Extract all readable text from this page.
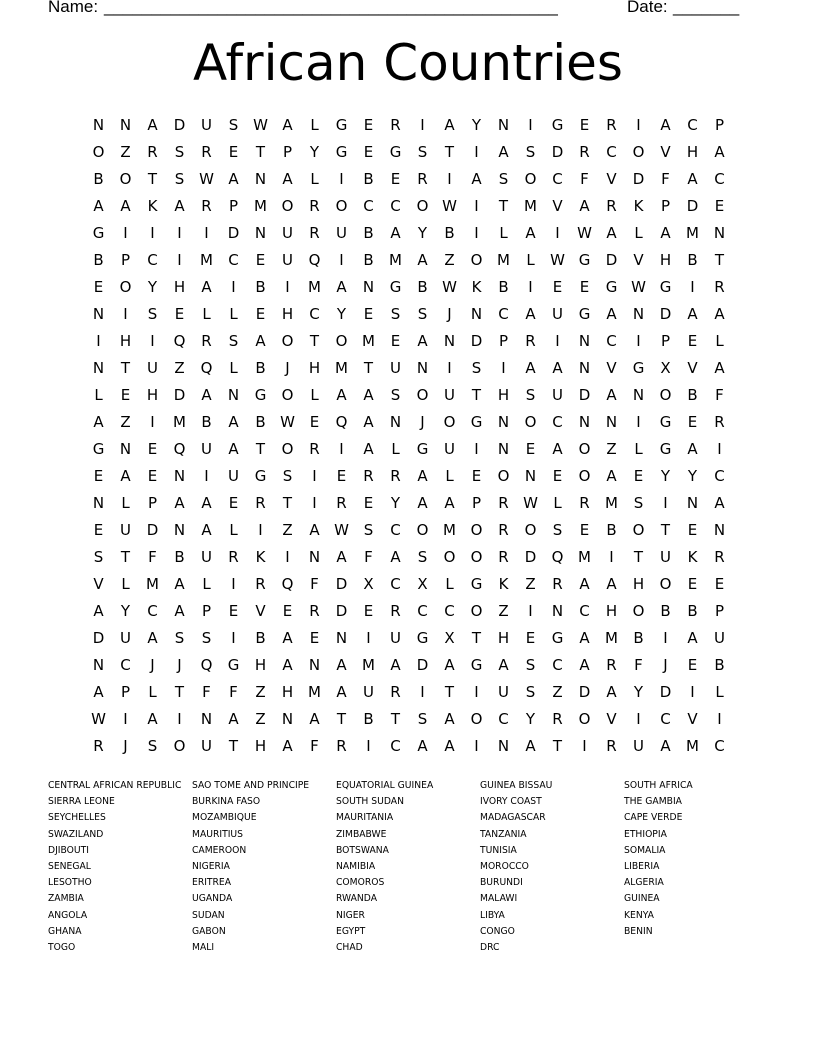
Name: ________________________________________________	Date: _______
African Countries
N	N	A	D	U	S W A	L	G	E	R	I	A	Y	N	I	G	E	R	I	A	C	P
O	Z	R	S	R	E	T	P	Y	G	E	G	S	T	I	A	S	D	R	C	O	V	H	A
B	O	T	S W A	N	A	L	I	B	E	R	I	A	S	O	C	F	V	D	F	A	C
A	A	K	A	R	P	M O	R	O	C	C	O W	I	T	M	V	A	R	K	P	D	E
G	I	I	I	I	D	N	U	R	U	B	A	Y	B	I	L	A	I	W A	L	A	M N
B	P	C	I	M	C	E	U	Q	I	B	M	A	Z	O M	L	W G	D	V	H	B	T
E	O	Y	H	A	I	B	I	M	A	N	G	B W K	B	I	E	E	G W G	I	R
N	I	S	E	L	L	E	H	C	Y	E	S	S	J	N	C	A	U	G	A	N	D	A	A
I	H	I	Q	R	S	A	O	T	O M	E	A	N	D	P	R	I	N	C	I	P	E	L
N	T	U	Z	Q	L	B	J	H M	T	U	N	I	S	I	A	A	N	V	G	X	V	A
L	E	H	D	A	N	G	O	L	A	A	S	O	U	T	H	S	U	D	A	N	O	B	F
A	Z	I	M	B	A	B W E	Q	A	N	J	O	G	N	O	C	N	N	I	G	E	R
G	N	E	Q	U	A	T	O	R	I	A	L	G	U	I	N	E	A	O	Z	L	G	A	I
E	A	E	N	I	U	G	S	I	E	R	R	A	L	E	O	N	E	O	A	E	Y	Y	C
N	L	P	A	A	E	R	T	I	R	E	Y	A	A	P	R W	L	R	M	S	I	N	A
E	U	D	N	A	L	I	Z	A W S	C	O M O	R	O	S	E	B	O	T	E	N
S	T	F	B	U	R	K	I	N	A	F	A	S	O	O	R	D	Q M	I	T	U	K	R
V	L	M	A	L	I	R	Q	F	D	X	C	X	L	G	K	Z	R	A	A	H	O	E	E
A	Y	C	A	P	E	V	E	R	D	E	R	C	C	O	Z	I	N	C	H	O	B	B	P
D	U	A	S	S	I	B	A	E	N	I	U	G	X	T	H	E	G	A	M	B	I	A	U
N	C	J	J	Q	G	H	A	N	A	M	A	D	A	G	A	S	C	A	R	F	J	E	B
A	P	L	T	F	F	Z	H M	A	U	R	I	T	I	U	S	Z	D	A	Y	D	I	L
W	I	A	I	N	A	Z	N	A	T	B	T	S	A	O	C	Y	R	O	V	I	C	V	I
R	J	S	O	U	T	H	A	F	R	I	C	A	A	I	N	A	T	I	R	U	A	M	C
CENTRAL AFRICAN REPUBLIC
SIERRA LEONE
SEYCHELLES
SWAZILAND
DJIBOUTI
SENEGAL
LESOTHO
ZAMBIA
ANGOLA
GHANA
TOGO
SAO TOME AND PRINCIPE
BURKINA FASO
MOZAMBIQUE
MAURITIUS
CAMEROON
NIGERIA
ERITREA
UGANDA
SUDAN
GABON
MALI
EQUATORIAL GUINEA
SOUTH SUDAN
MAURITANIA
ZIMBABWE
BOTSWANA
NAMIBIA
COMOROS
RWANDA
NIGER
EGYPT
CHAD
GUINEA BISSAU
IVORY COAST
MADAGASCAR
TANZANIA
TUNISIA
MOROCCO
BURUNDI
MALAWI
LIBYA
CONGO
DRC
SOUTH AFRICA
THE GAMBIA
CAPE VERDE
ETHIOPIA
SOMALIA
LIBERIA
ALGERIA
GUINEA
KENYA
BENIN
